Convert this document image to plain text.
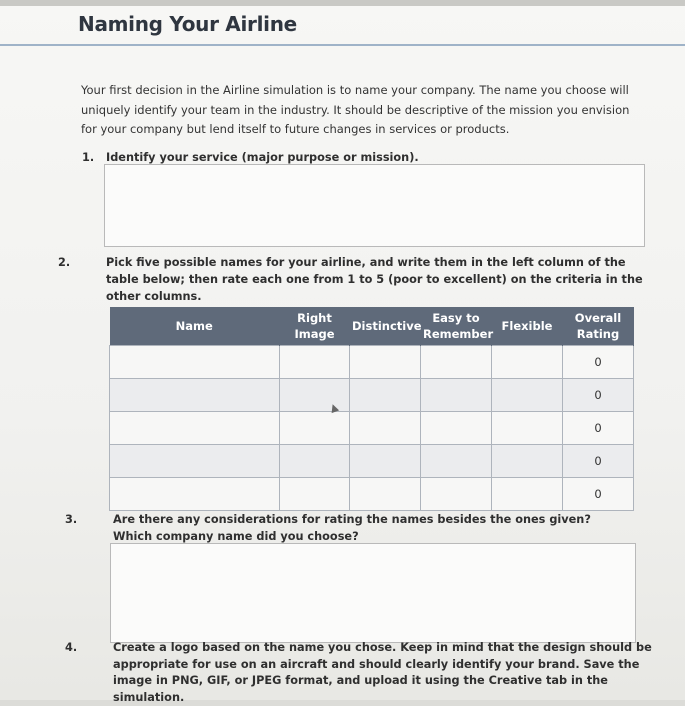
Naming Your Airline
Your first decision in the Airline simulation is to name your company. The name you choose will uniquely identify your team in the industry. It should be descriptive of the mission you envision for your company but lend itself to future changes in services or products.
1. Identify your service (major purpose or mission).
2.	Pick five possible names for your airline, and write them in the left column of the table below; then rate each one from 1 to 5 (poor to excellent) on the criteria in the other columns.
Name	Right Image	Distinctive	Easy to Remember	Flexible	Overall Rating
					0
					0
					0
					0
					0
3.	Are there any considerations for rating the names besides the ones given? Which company name did you choose?
4.	Create a logo based on the name you chose. Keep in mind that the design should be appropriate for use on an aircraft and should clearly identify your brand. Save the image in PNG, GIF, or JPEG format, and upload it using the Creative tab in the simulation.
